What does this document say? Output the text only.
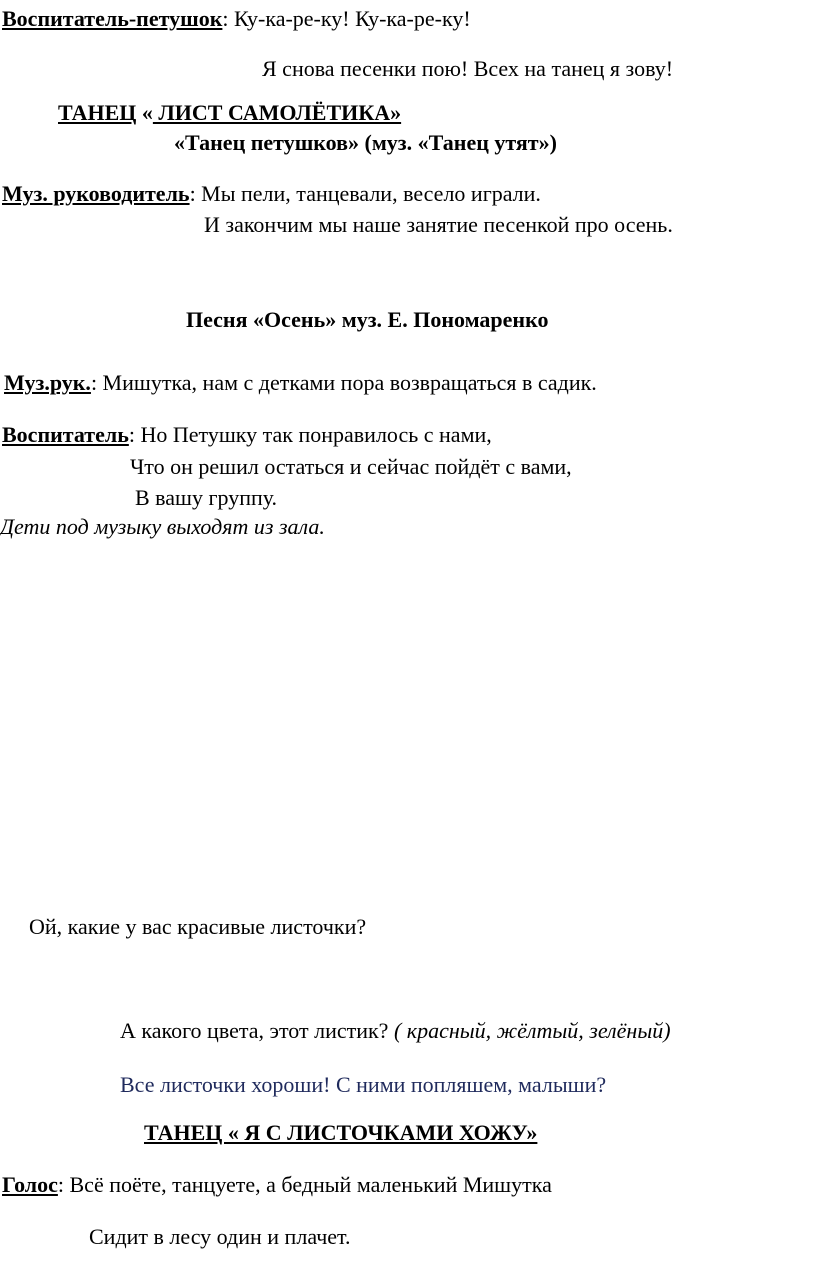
Воспитатель-петушок: Ку-ка-ре-ку! Ку-ка-ре-ку!
Я снова песенки пою! Всех на танец я зову!
ТАНЕЦ « ЛИСТ САМОЛЁТИКА»
«Танец петушков» (муз. «Танец утят»)
Муз. руководитель: Мы пели, танцевали, весело играли.
И закончим мы наше занятие песенкой про осень.
Песня «Осень» муз. Е. Пономаренко
Муз.рук.: Мишутка, нам с детками пора возвращаться в садик.
Воспитатель: Но Петушку так понравилось с нами,
Что он решил остаться и сейчас пойдёт с вами,
В вашу группу.
Дети под музыку выходят из зала.
Ой, какие у вас красивые листочки?
А какого цвета, этот листик? ( красный, жёлтый, зелёный)
Все листочки хороши! С ними попляшем, малыши?
ТАНЕЦ « Я С ЛИСТОЧКАМИ ХОЖУ»
Голос: Всё поёте, танцуете, а бедный маленький Мишутка
Сидит в лесу один и плачет.
